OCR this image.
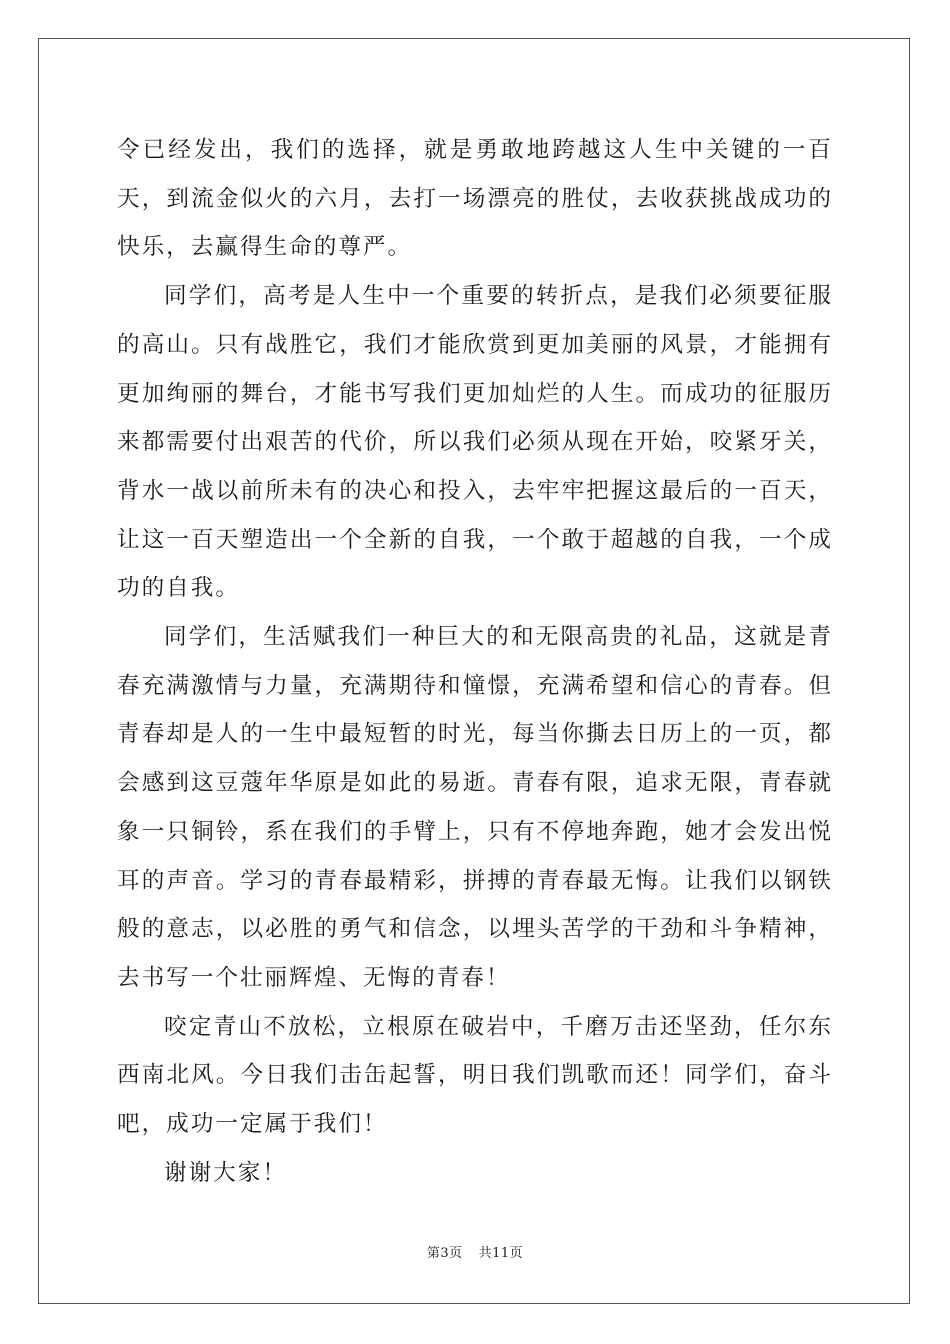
令已经发出，我们的选择，就是勇敢地跨越这人生中关键的一百天，到流金似火的六月，去打一场漂亮的胜仗，去收获挑战成功的快乐，去赢得生命的尊严。

同学们，高考是人生中一个重要的转折点，是我们必须要征服的高山。只有战胜它，我们才能欣赏到更加美丽的风景，才能拥有更加绚丽的舞台，才能书写我们更加灿烂的人生。而成功的征服历来都需要付出艰苦的代价，所以我们必须从现在开始，咬紧牙关，背水一战以前所未有的决心和投入，去牢牢把握这最后的一百天，让这一百天塑造出一个全新的自我，一个敢于超越的自我，一个成功的自我。

同学们，生活赋我们一种巨大的和无限高贵的礼品，这就是青春充满激情与力量，充满期待和憧憬，充满希望和信心的青春。但青春却是人的一生中最短暂的时光，每当你撕去日历上的一页，都会感到这豆蔻年华原是如此的易逝。青春有限，追求无限，青春就象一只铜铃，系在我们的手臂上，只有不停地奔跑，她才会发出悦耳的声音。学习的青春最精彩，拼搏的青春最无悔。让我们以钢铁般的意志，以必胜的勇气和信念，以埋头苦学的干劲和斗争精神，去书写一个壮丽辉煌、无悔的青春！

咬定青山不放松，立根原在破岩中，千磨万击还坚劲，任尔东西南北风。今日我们击缶起誓，明日我们凯歌而还！同学们，奋斗吧，成功一定属于我们！

谢谢大家！

第3页 共11页
